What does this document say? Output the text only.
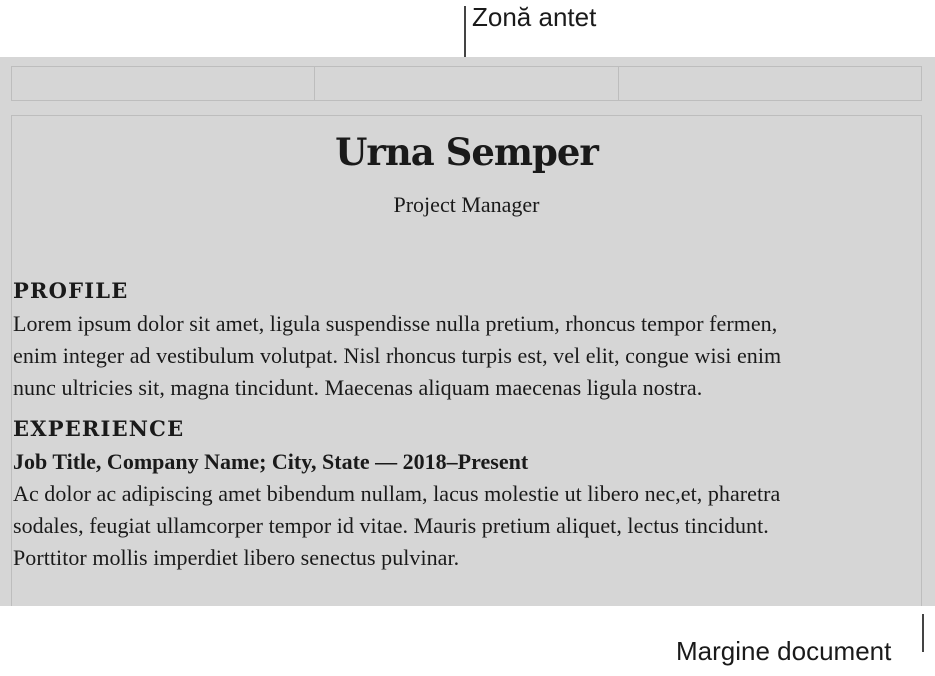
Zonă antet
Urna Semper
Project Manager

PROFILE

Lorem ipsum dolor sit amet, ligula suspendisse nulla pretium, rhoncus tempor fermen,

enim integer ad vestibulum volutpat. Nisl rhoncus turpis est, vel elit, congue wisi enim

nunc ultricies sit, magna tincidunt. Maecenas aliquam maecenas ligula nostra.

EXPERIENCE

Job Title, Company Name; City, State — 2018–Present

Ac dolor ac adipiscing amet bibendum nullam, lacus molestie ut libero nec,et, pharetra

sodales, feugiat ullamcorper tempor id vitae. Mauris pretium aliquet, lectus tincidunt.

Porttitor mollis imperdiet libero senectus pulvinar.

Margine document
